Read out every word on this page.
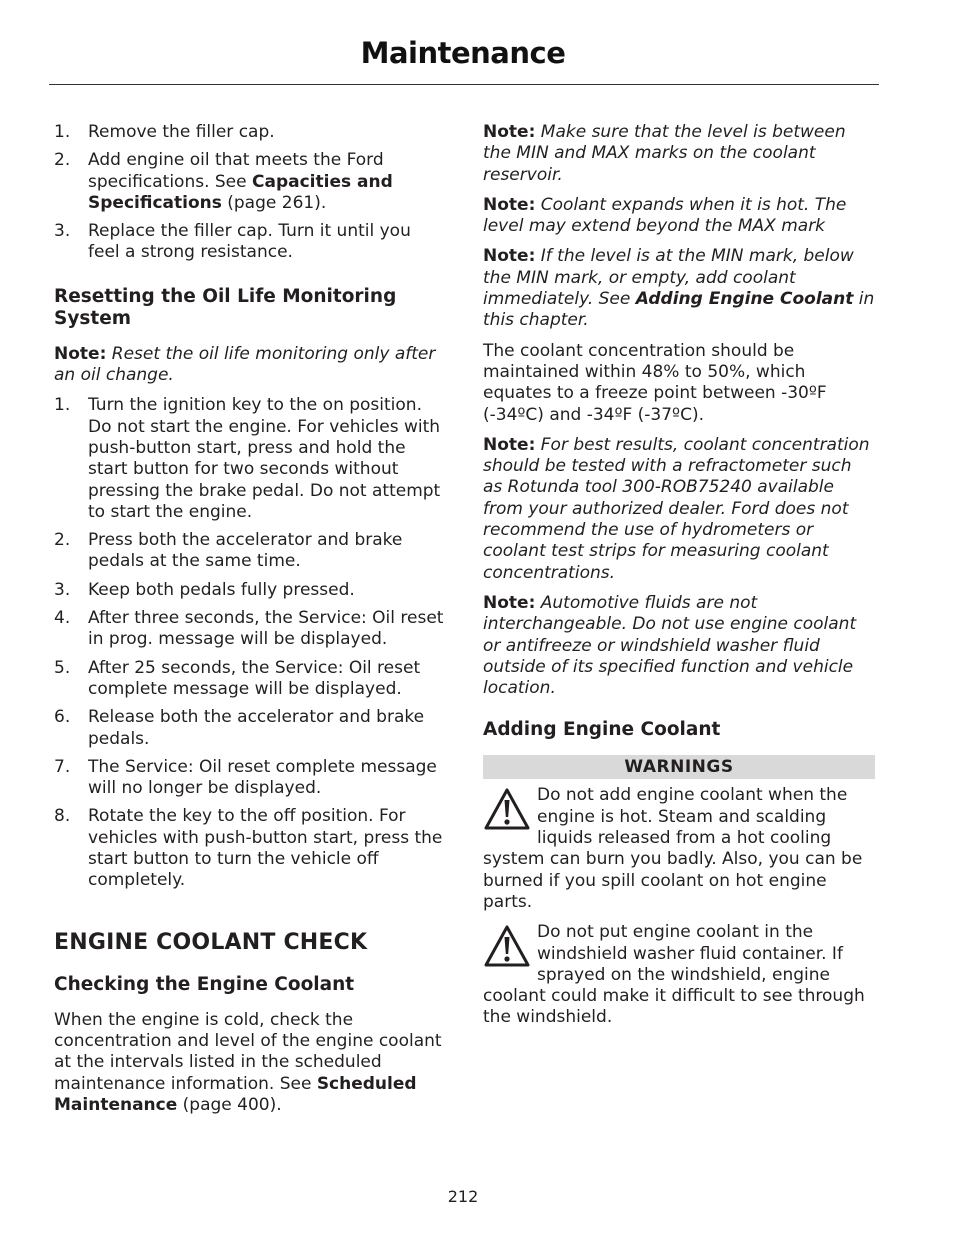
Maintenance
1. Remove the filler cap.
2. Add engine oil that meets the Ford specifications. See Capacities and Specifications (page 261).
3. Replace the filler cap. Turn it until you feel a strong resistance.
Resetting the Oil Life Monitoring System

Note: Reset the oil life monitoring only after an oil change.

1. Turn the ignition key to the on position. Do not start the engine. For vehicles with push-button start, press and hold the start button for two seconds without pressing the brake pedal. Do not attempt to start the engine.
2. Press both the accelerator and brake pedals at the same time.
3. Keep both pedals fully pressed.
4. After three seconds, the Service: Oil reset in prog. message will be displayed.
5. After 25 seconds, the Service: Oil reset complete message will be displayed.
6. Release both the accelerator and brake pedals.
7. The Service: Oil reset complete message will no longer be displayed.
8. Rotate the key to the off position. For vehicles with push-button start, press the start button to turn the vehicle off completely.
ENGINE COOLANT CHECK
Checking the Engine Coolant

When the engine is cold, check the concentration and level of the engine coolant at the intervals listed in the scheduled maintenance information. See Scheduled Maintenance (page 400).

Note: Make sure that the level is between the MIN and MAX marks on the coolant reservoir.

Note: Coolant expands when it is hot. The level may extend beyond the MAX mark

Note: If the level is at the MIN mark, below the MIN mark, or empty, add coolant immediately. See Adding Engine Coolant in this chapter.

The coolant concentration should be maintained within 48% to 50%, which equates to a freeze point between -30ºF (-34ºC) and -34ºF (-37ºC).

Note: For best results, coolant concentration should be tested with a refractometer such as Rotunda tool 300-ROB75240 available from your authorized dealer. Ford does not recommend the use of hydrometers or coolant test strips for measuring coolant concentrations.

Note: Automotive fluids are not interchangeable. Do not use engine coolant or antifreeze or windshield washer fluid outside of its specified function and vehicle location.

Adding Engine Coolant
WARNINGS
Do not add engine coolant when the engine is hot. Steam and scalding liquids released from a hot cooling system can burn you badly. Also, you can be burned if you spill coolant on hot engine parts.
Do not put engine coolant in the windshield washer fluid container. If sprayed on the windshield, engine coolant could make it difficult to see through the windshield.
212
